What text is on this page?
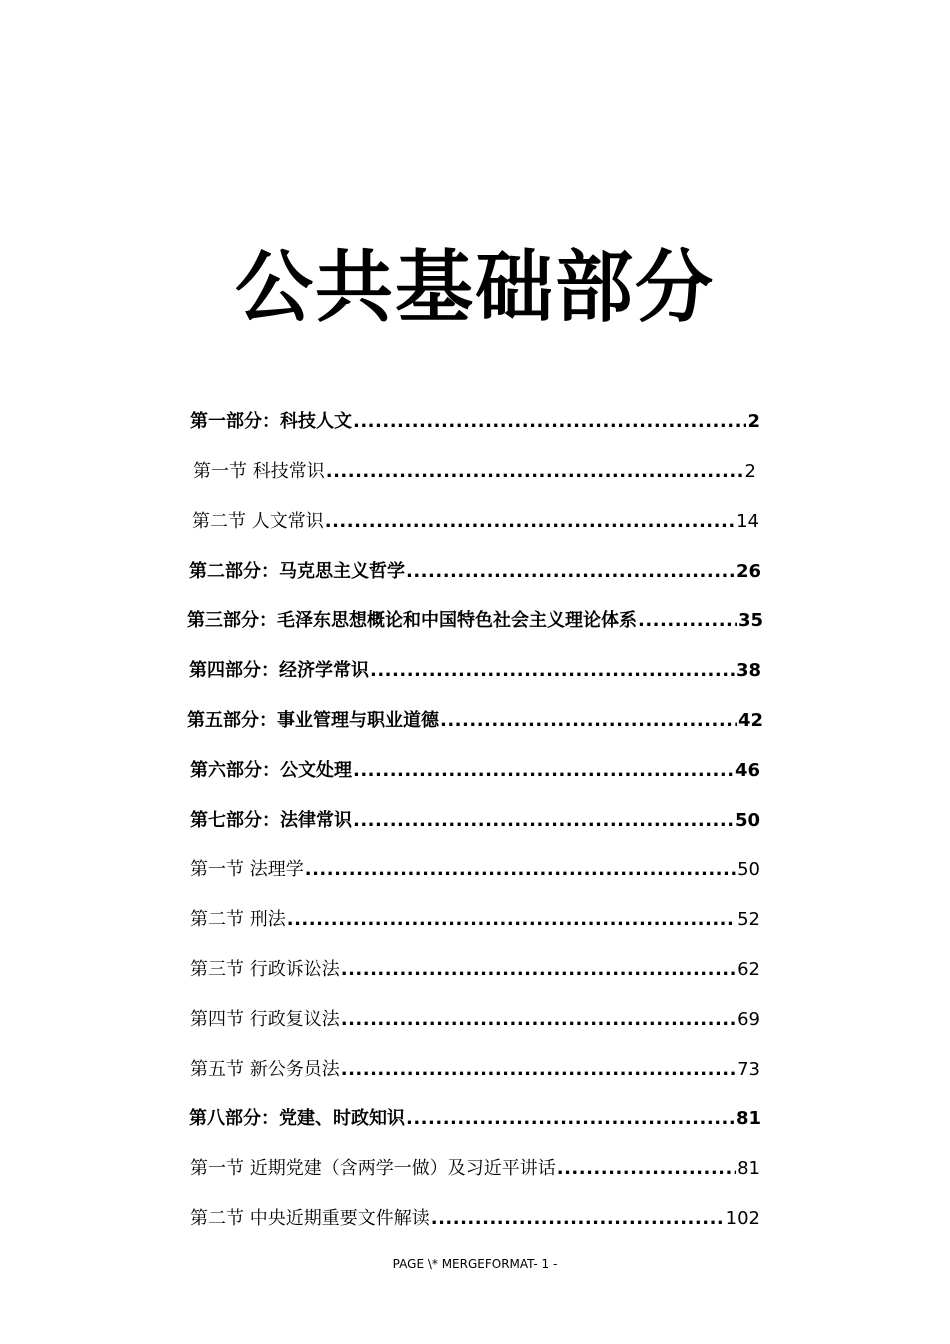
公共基础部分
第一部分：科技人文 .....	2
第一节 科技常识 .....	2
第二节 人文常识 .....	14
第二部分：马克思主义哲学 .....	26
第三部分：毛泽东思想概论和中国特色社会主义理论体系 .....	35
第四部分：经济学常识 .....	38
第五部分：事业管理与职业道德 .....	42
第六部分：公文处理 .....	46
第七部分：法律常识 .....	50
第一节 法理学 .....	50
第二节 刑法 .....	52
第三节 行政诉讼法 .....	62
第四节 行政复议法 .....	69
第五节 新公务员法 .....	73
第八部分：党建、时政知识 .....	81
第一节 近期党建（含两学一做）及习近平讲话 .....	81
第二节 中央近期重要文件解读 .....	102
PAGE \* MERGEFORMAT- 1 -
